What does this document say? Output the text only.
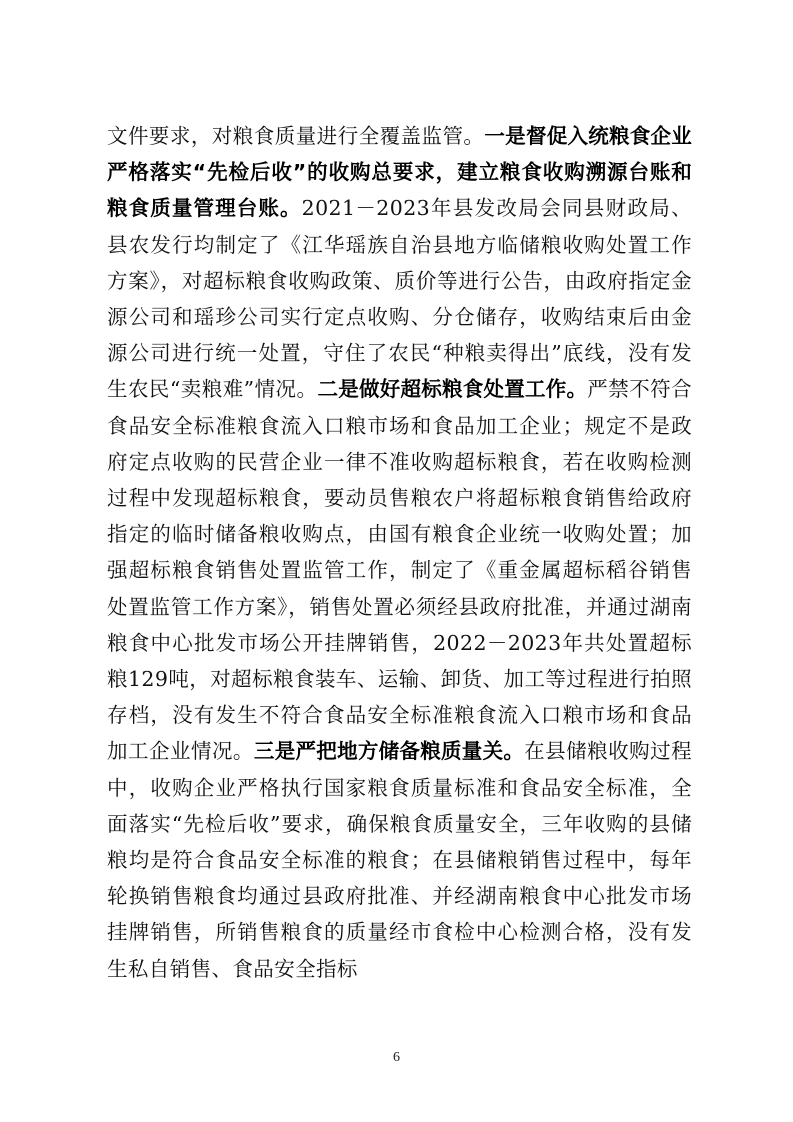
文件要求，对粮食质量进行全覆盖监管。一是督促入统粮食企业严格落实“先检后收”的收购总要求，建立粮食收购溯源台账和粮食质量管理台账。2021－2023年县发改局会同县财政局、县农发行均制定了《江华瑶族自治县地方临储粮收购处置工作方案》，对超标粮食收购政策、质价等进行公告，由政府指定金源公司和瑶珍公司实行定点收购、分仓储存，收购结束后由金源公司进行统一处置，守住了农民“种粮卖得出”底线，没有发生农民“卖粮难”情况。二是做好超标粮食处置工作。严禁不符合食品安全标准粮食流入口粮市场和食品加工企业；规定不是政府定点收购的民营企业一律不准收购超标粮食，若在收购检测过程中发现超标粮食，要动员售粮农户将超标粮食销售给政府指定的临时储备粮收购点，由国有粮食企业统一收购处置；加强超标粮食销售处置监管工作，制定了《重金属超标稻谷销售处置监管工作方案》，销售处置必须经县政府批准，并通过湖南粮食中心批发市场公开挂牌销售，2022－2023年共处置超标粮129吨，对超标粮食装车、运输、卸货、加工等过程进行拍照存档，没有发生不符合食品安全标准粮食流入口粮市场和食品加工企业情况。三是严把地方储备粮质量关。在县储粮收购过程中，收购企业严格执行国家粮食质量标准和食品安全标准，全面落实“先检后收”要求，确保粮食质量安全，三年收购的县储粮均是符合食品安全标准的粮食；在县储粮销售过程中，每年轮换销售粮食均通过县政府批准、并经湖南粮食中心批发市场挂牌销售，所销售粮食的质量经市食检中心检测合格，没有发生私自销售、食品安全指标

6
